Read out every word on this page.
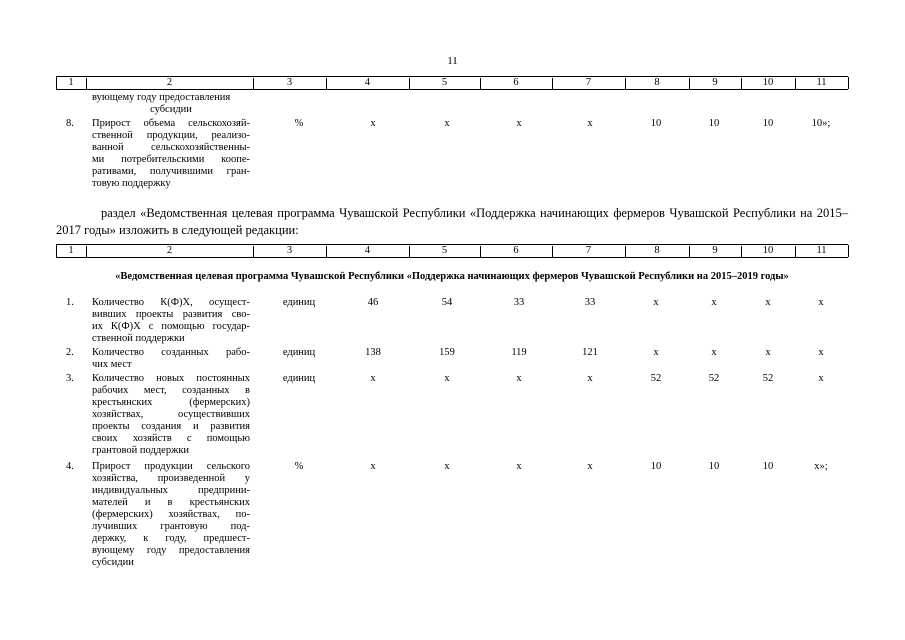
11
1	2	3	4	5	6	7	8	9	10	11
вующему году предоставления
субсидии
8.	Прирост объема сельскохозяй-
ственной продукции, реализо-
ванной сельскохозяйственны-
ми потребительскими коопе-
ративами, получившими гран-
товую поддержку
%	х	х	х	х	10	10	10	10»;
раздел «Ведомственная целевая программа Чувашской Республики «Поддержка начинающих фермеров Чувашской Республики на 2015–2017 годы» изложить в следующей редакции:
1	2	3	4	5	6	7	8	9	10	11
«Ведомственная целевая программа Чувашской Республики «Поддержка начинающих фермеров Чувашской Республики на 2015–2019 годы»
1.	Количество К(Ф)Х, осущест-
вивших проекты развития сво-
их К(Ф)Х с помощью государ-
ственной поддержки
единиц	46	54	33	33	х	х	х	х
2.	Количество созданных рабо-
чих мест
единиц	138	159	119	121	х	х	х	х
3.	Количество новых постоянных
рабочих мест, созданных в
крестьянских (фермерских)
хозяйствах, осуществивших
проекты создания и развития
своих хозяйств с помощью
грантовой поддержки
единиц	х	х	х	х	52	52	52	х
4.	Прирост продукции сельского
хозяйства, произведенной у
индивидуальных предприни-
мателей и в крестьянских
(фермерских) хозяйствах, по-
лучивших грантовую под-
держку, к году, предшест-
вующему году предоставления
субсидии
%	х	х	х	х	10	10	10	х»;
